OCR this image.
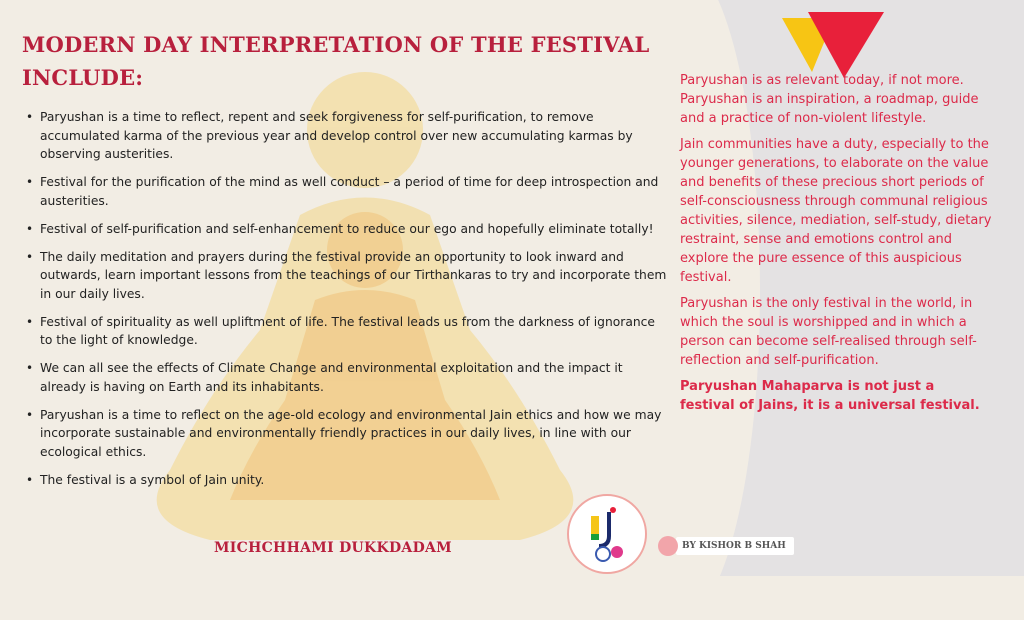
MODERN DAY INTERPRETATION OF THE FESTIVAL INCLUDE:
• Paryushan is a time to reflect, repent and seek forgiveness for self-purification, to remove accumulated karma of the previous year and develop control over new accumulating karmas by observing austerities.
• Festival for the purification of the mind as well conduct – a period of time for deep introspection and austerities.
• Festival of self-purification and self-enhancement to reduce our ego and hopefully eliminate totally!
• The daily meditation and prayers during the festival provide an opportunity to look inward and outwards, learn important lessons from the teachings of our Tirthankaras to try and incorporate them in our daily lives.
• Festival of spirituality as well upliftment of life. The festival leads us from the darkness of ignorance to the light of knowledge.
• We can all see the effects of Climate Change and environmental exploitation and the impact it already is having on Earth and its inhabitants.
• Paryushan is a time to reflect on the age-old ecology and environmental Jain ethics and how we may incorporate sustainable and environmentally friendly practices in our daily lives, in line with our ecological ethics.
• The festival is a symbol of Jain unity.
MICHCHHAMI DUKKDADAM

Paryushan is as relevant today, if not more. Paryushan is an inspiration, a roadmap, guide and a practice of non-violent lifestyle.

Jain communities have a duty, especially to the younger generations, to elaborate on the value and benefits of these precious short periods of self-consciousness through communal religious activities, silence, mediation, self-study, dietary restraint, sense and emotions control and explore the pure essence of this auspicious festival.

Paryushan is the only festival in the world, in which the soul is worshipped and in which a person can become self-realised through self-reflection and self-purification.

Paryushan Mahaparva is not just a festival of Jains, it is a universal festival.

BY KISHOR B SHAH
